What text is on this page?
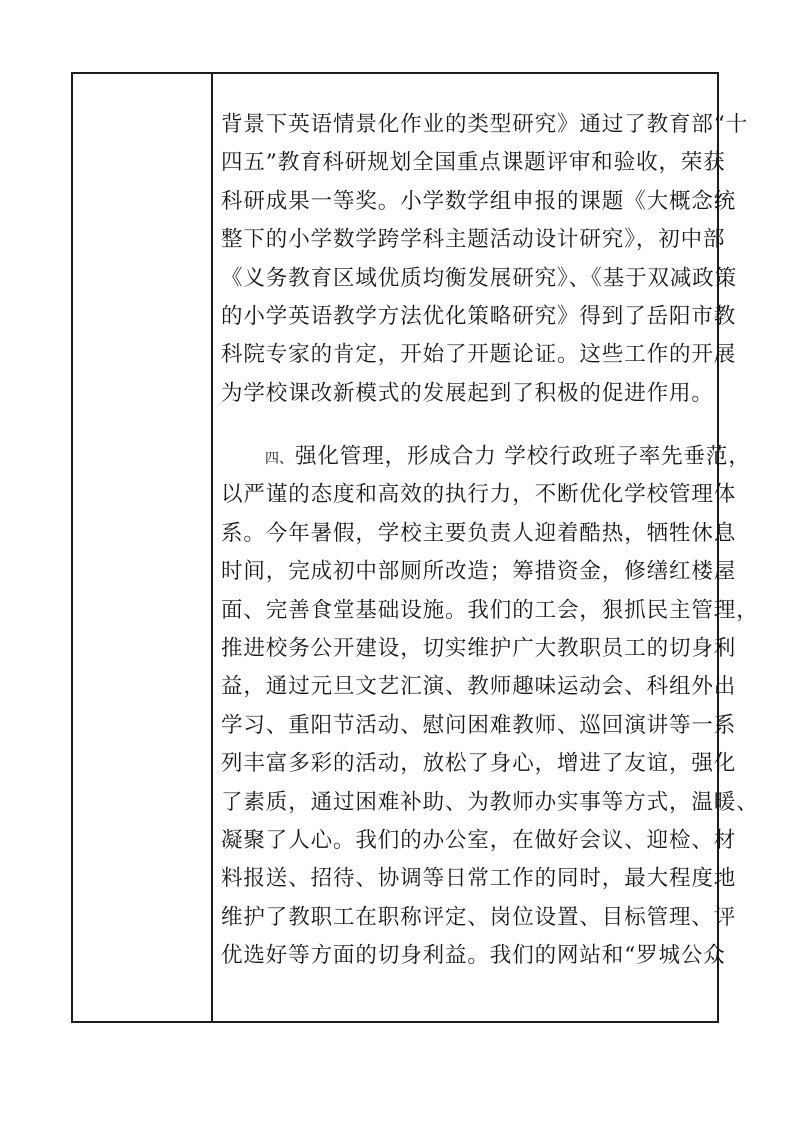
背景下英语情景化作业的类型研究》通过了教育部“十
四五”教育科研规划全国重点课题评审和验收，荣获
科研成果一等奖。小学数学组申报的课题《大概念统
整下的小学数学跨学科主题活动设计研究》，初中部
《义务教育区域优质均衡发展研究》、《基于双减政策
的小学英语教学方法优化策略研究》得到了岳阳市教
科院专家的肯定，开始了开题论证。这些工作的开展
为学校课改新模式的发展起到了积极的促进作用。
四、强化管理，形成合力 学校行政班子率先垂范，
以严谨的态度和高效的执行力，不断优化学校管理体
系。今年暑假，学校主要负责人迎着酷热，牺牲休息
时间，完成初中部厕所改造；筹措资金，修缮红楼屋
面、完善食堂基础设施。我们的工会，狠抓民主管理，
推进校务公开建设，切实维护广大教职员工的切身利
益，通过元旦文艺汇演、教师趣味运动会、科组外出
学习、重阳节活动、慰问困难教师、巡回演讲等一系
列丰富多彩的活动，放松了身心，增进了友谊，强化
了素质，通过困难补助、为教师办实事等方式，温暖、
凝聚了人心。我们的办公室，在做好会议、迎检、材
料报送、招待、协调等日常工作的同时，最大程度地
维护了教职工在职称评定、岗位设置、目标管理、评
优选好等方面的切身利益。我们的网站和“罗城公众
